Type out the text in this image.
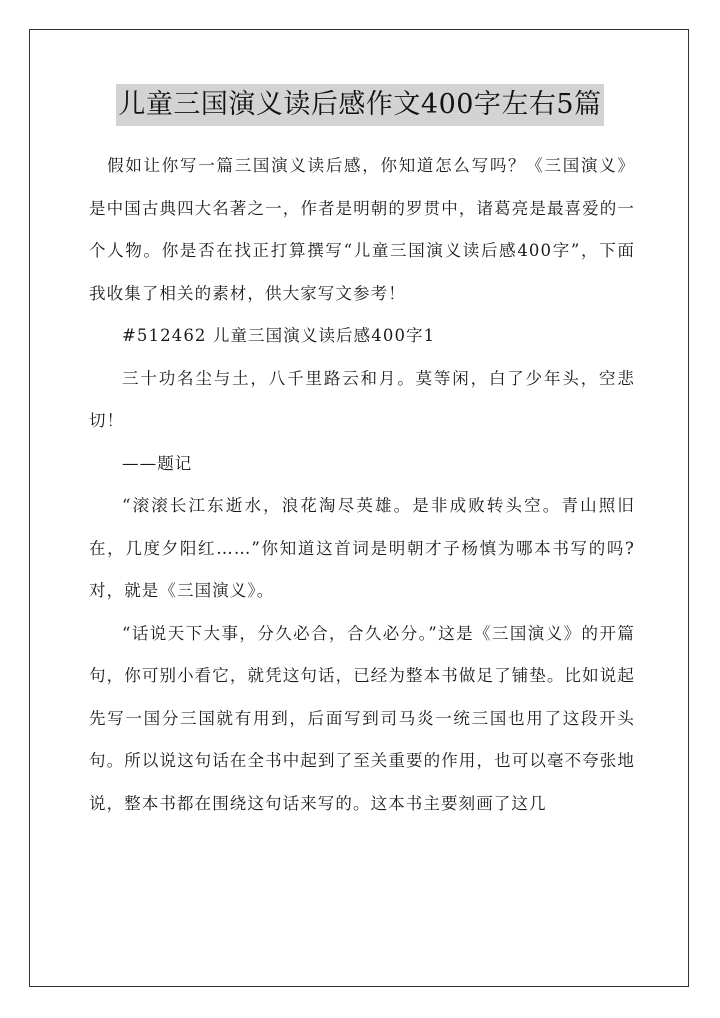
儿童三国演义读后感作文400字左右5篇

假如让你写一篇三国演义读后感，你知道怎么写吗？《三国演义》是中国古典四大名著之一，作者是明朝的罗贯中，诸葛亮是最喜爱的一个人物。你是否在找正打算撰写“儿童三国演义读后感400字”，下面我收集了相关的素材，供大家写文参考！

#512462 儿童三国演义读后感400字1

三十功名尘与土，八千里路云和月。莫等闲，白了少年头，空悲切！

——题记

“滚滚长江东逝水，浪花淘尽英雄。是非成败转头空。青山照旧在，几度夕阳红……”你知道这首词是明朝才子杨慎为哪本书写的吗?对，就是《三国演义》。

“话说天下大事，分久必合，合久必分。”这是《三国演义》的开篇句，你可别小看它，就凭这句话，已经为整本书做足了铺垫。比如说起先写一国分三国就有用到，后面写到司马炎一统三国也用了这段开头句。所以说这句话在全书中起到了至关重要的作用，也可以毫不夸张地说，整本书都在围绕这句话来写的。这本书主要刻画了这几
